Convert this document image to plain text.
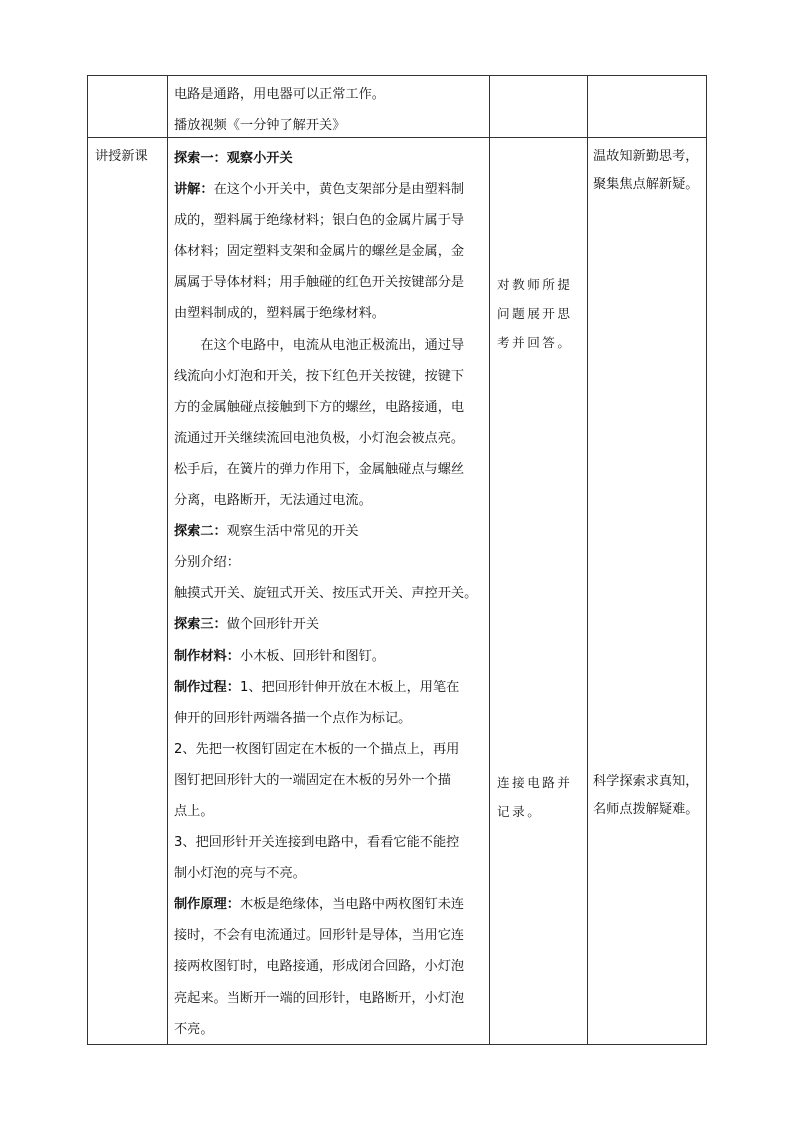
电路是通路，用电器可以正常工作。
播放视频《一分钟了解开关》
讲授新课 探索一：观察小开关
讲解：在这个小开关中，黄色支架部分是由塑料制
成的，塑料属于绝缘材料；银白色的金属片属于导
体材料；固定塑料支架和金属片的螺丝是金属，金
属属于导体材料；用手触碰的红色开关按键部分是
由塑料制成的，塑料属于绝缘材料。
在这个电路中，电流从电池正极流出，通过导
线流向小灯泡和开关，按下红色开关按键，按键下
方的金属触碰点接触到下方的螺丝，电路接通，电
流通过开关继续流回电池负极，小灯泡会被点亮。
松手后，在簧片的弹力作用下，金属触碰点与螺丝
分离，电路断开，无法通过电流。
探索二：观察生活中常见的开关
分别介绍：
触摸式开关、旋钮式开关、按压式开关、声控开关。
探索三：做个回形针开关
制作材料：小木板、回形针和图钉。
制作过程：1、把回形针伸开放在木板上，用笔在
伸开的回形针两端各描一个点作为标记。
2、先把一枚图钉固定在木板的一个描点上，再用
图钉把回形针大的一端固定在木板的另外一个描
点上。
3、把回形针开关连接到电路中，看看它能不能控
制小灯泡的亮与不亮。
制作原理：木板是绝缘体，当电路中两枚图钉未连
接时，不会有电流通过。回形针是导体，当用它连
接两枚图钉时，电路接通，形成闭合回路，小灯泡
亮起来。当断开一端的回形针，电路断开，小灯泡
不亮。
对教师所提
问题展开思
考并回答。
连接电路并
记录。
温故知新勤思考，
聚集焦点解新疑。
科学探索求真知，
名师点拨解疑难。
